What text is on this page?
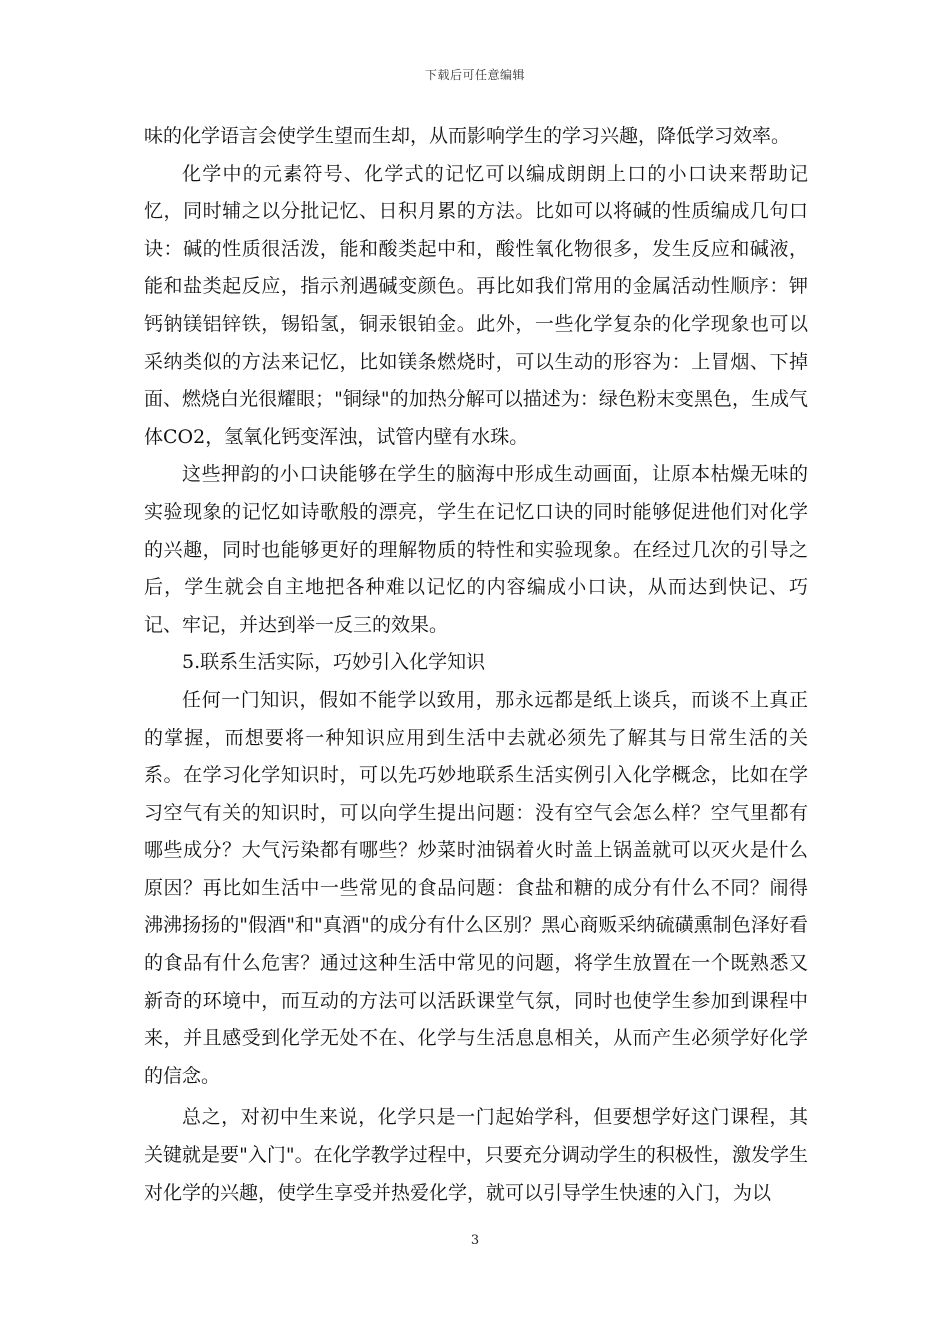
下载后可任意编辑

味的化学语言会使学生望而生却，从而影响学生的学习兴趣，降低学习效率。

化学中的元素符号、化学式的记忆可以编成朗朗上口的小口诀来帮助记忆，同时辅之以分批记忆、日积月累的方法。比如可以将碱的性质编成几句口诀：碱的性质很活泼，能和酸类起中和，酸性氧化物很多，发生反应和碱液，能和盐类起反应，指示剂遇碱变颜色。再比如我们常用的金属活动性顺序：钾钙钠镁铝锌铁，锡铅氢，铜汞银铂金。此外，一些化学复杂的化学现象也可以采纳类似的方法来记忆，比如镁条燃烧时，可以生动的形容为：上冒烟、下掉面、燃烧白光很耀眼；"铜绿"的加热分解可以描述为：绿色粉末变黑色，生成气体CO2，氢氧化钙变浑浊，试管内壁有水珠。

这些押韵的小口诀能够在学生的脑海中形成生动画面，让原本枯燥无味的实验现象的记忆如诗歌般的漂亮，学生在记忆口诀的同时能够促进他们对化学的兴趣，同时也能够更好的理解物质的特性和实验现象。在经过几次的引导之后，学生就会自主地把各种难以记忆的内容编成小口诀，从而达到快记、巧记、牢记，并达到举一反三的效果。

5.联系生活实际，巧妙引入化学知识

任何一门知识，假如不能学以致用，那永远都是纸上谈兵，而谈不上真正的掌握，而想要将一种知识应用到生活中去就必须先了解其与日常生活的关系。在学习化学知识时，可以先巧妙地联系生活实例引入化学概念，比如在学习空气有关的知识时，可以向学生提出问题：没有空气会怎么样？空气里都有哪些成分？大气污染都有哪些？炒菜时油锅着火时盖上锅盖就可以灭火是什么原因？再比如生活中一些常见的食品问题：食盐和糖的成分有什么不同？闹得沸沸扬扬的"假酒"和"真酒"的成分有什么区别？黑心商贩采纳硫磺熏制色泽好看的食品有什么危害？通过这种生活中常见的问题，将学生放置在一个既熟悉又新奇的环境中，而互动的方法可以活跃课堂气氛，同时也使学生参加到课程中来，并且感受到化学无处不在、化学与生活息息相关，从而产生必须学好化学的信念。

总之，对初中生来说，化学只是一门起始学科，但要想学好这门课程，其关键就是要"入门"。在化学教学过程中，只要充分调动学生的积极性，激发学生对化学的兴趣，使学生享受并热爱化学，就可以引导学生快速的入门，为以

3
